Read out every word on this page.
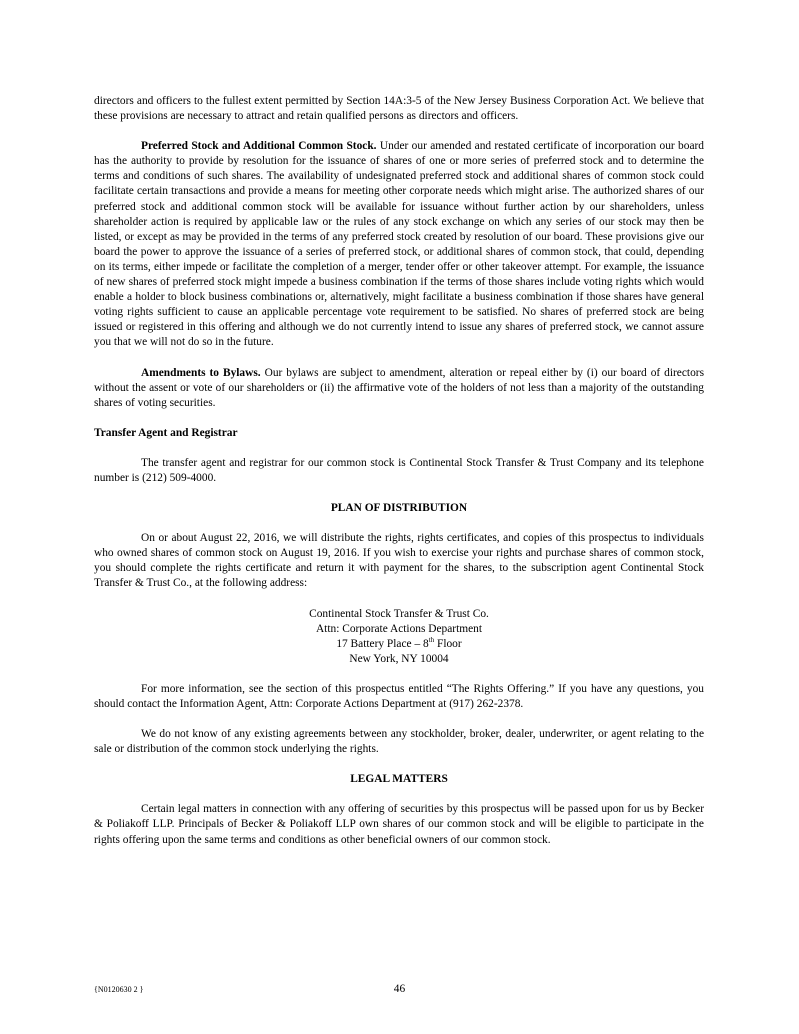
directors and officers to the fullest extent permitted by Section 14A:3-5 of the New Jersey Business Corporation Act. We believe that these provisions are necessary to attract and retain qualified persons as directors and officers.

Preferred Stock and Additional Common Stock. Under our amended and restated certificate of incorporation our board has the authority to provide by resolution for the issuance of shares of one or more series of preferred stock and to determine the terms and conditions of such shares. The availability of undesignated preferred stock and additional shares of common stock could facilitate certain transactions and provide a means for meeting other corporate needs which might arise. The authorized shares of our preferred stock and additional common stock will be available for issuance without further action by our shareholders, unless shareholder action is required by applicable law or the rules of any stock exchange on which any series of our stock may then be listed, or except as may be provided in the terms of any preferred stock created by resolution of our board. These provisions give our board the power to approve the issuance of a series of preferred stock, or additional shares of common stock, that could, depending on its terms, either impede or facilitate the completion of a merger, tender offer or other takeover attempt. For example, the issuance of new shares of preferred stock might impede a business combination if the terms of those shares include voting rights which would enable a holder to block business combinations or, alternatively, might facilitate a business combination if those shares have general voting rights sufficient to cause an applicable percentage vote requirement to be satisfied. No shares of preferred stock are being issued or registered in this offering and although we do not currently intend to issue any shares of preferred stock, we cannot assure you that we will not do so in the future.

Amendments to Bylaws. Our bylaws are subject to amendment, alteration or repeal either by (i) our board of directors without the assent or vote of our shareholders or (ii) the affirmative vote of the holders of not less than a majority of the outstanding shares of voting securities.

Transfer Agent and Registrar

The transfer agent and registrar for our common stock is Continental Stock Transfer & Trust Company and its telephone number is (212) 509-4000.

PLAN OF DISTRIBUTION

On or about August 22, 2016, we will distribute the rights, rights certificates, and copies of this prospectus to individuals who owned shares of common stock on August 19, 2016. If you wish to exercise your rights and purchase shares of common stock, you should complete the rights certificate and return it with payment for the shares, to the subscription agent Continental Stock Transfer & Trust Co., at the following address:

Continental Stock Transfer & Trust Co.
Attn: Corporate Actions Department
17 Battery Place – 8th Floor
New York, NY 10004

For more information, see the section of this prospectus entitled “The Rights Offering.” If you have any questions, you should contact the Information Agent, Attn: Corporate Actions Department at (917) 262-2378.

We do not know of any existing agreements between any stockholder, broker, dealer, underwriter, or agent relating to the sale or distribution of the common stock underlying the rights.

LEGAL MATTERS

Certain legal matters in connection with any offering of securities by this prospectus will be passed upon for us by Becker & Poliakoff LLP. Principals of Becker & Poliakoff LLP own shares of our common stock and will be eligible to participate in the rights offering upon the same terms and conditions as other beneficial owners of our common stock.

{N0120630 2 }	46
